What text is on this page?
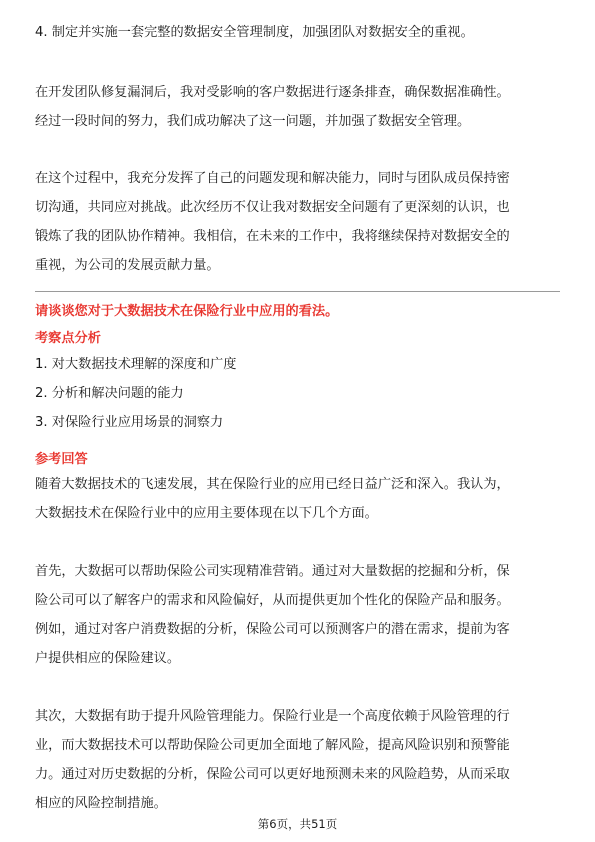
4. 制定并实施一套完整的数据安全管理制度，加强团队对数据安全的重视。
在开发团队修复漏洞后，我对受影响的客户数据进行逐条排查，确保数据准确性。
经过一段时间的努力，我们成功解决了这一问题，并加强了数据安全管理。
在这个过程中，我充分发挥了自己的问题发现和解决能力，同时与团队成员保持密
切沟通，共同应对挑战。此次经历不仅让我对数据安全问题有了更深刻的认识，也
锻炼了我的团队协作精神。我相信，在未来的工作中，我将继续保持对数据安全的
重视，为公司的发展贡献力量。
请谈谈您对于大数据技术在保险行业中应用的看法。
考察点分析
1. 对大数据技术理解的深度和广度
2. 分析和解决问题的能力
3. 对保险行业应用场景的洞察力
参考回答
随着大数据技术的飞速发展，其在保险行业的应用已经日益广泛和深入。我认为，
大数据技术在保险行业中的应用主要体现在以下几个方面。
首先，大数据可以帮助保险公司实现精准营销。通过对大量数据的挖掘和分析，保
险公司可以了解客户的需求和风险偏好，从而提供更加个性化的保险产品和服务。
例如，通过对客户消费数据的分析，保险公司可以预测客户的潜在需求，提前为客
户提供相应的保险建议。
其次，大数据有助于提升风险管理能力。保险行业是一个高度依赖于风险管理的行
业，而大数据技术可以帮助保险公司更加全面地了解风险，提高风险识别和预警能
力。通过对历史数据的分析，保险公司可以更好地预测未来的风险趋势，从而采取
相应的风险控制措施。
第6页，共51页
